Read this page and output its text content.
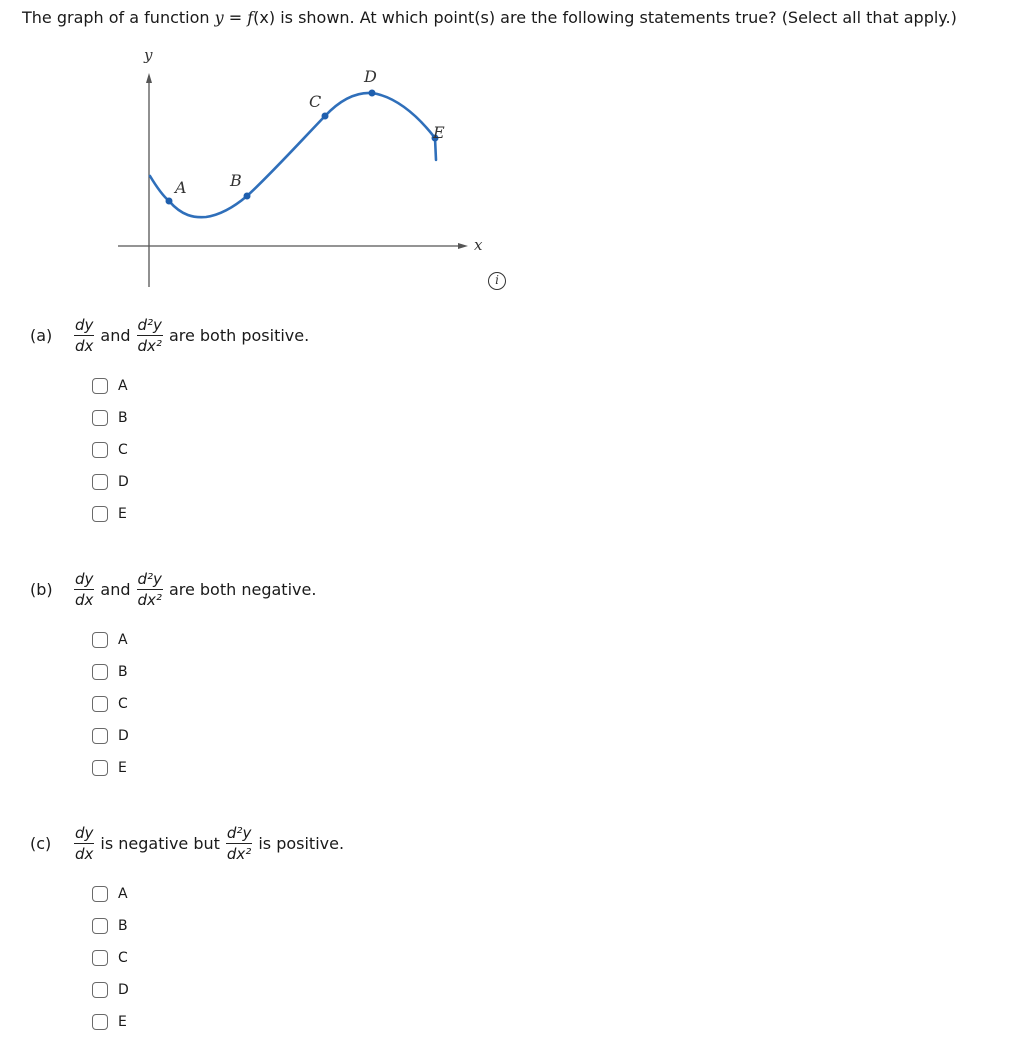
The graph of a function y = f(x) is shown. At which point(s) are the following statements true? (Select all that apply.)
y
x
A	B
C
D
E
i
(a)	$\frac{dy}{dx}$ and $\frac{\text{d²y}}{\text{dx²}}$ are both positive.
A
B
C
D
E
(b)	$\frac{dy}{dx}$ and $\frac{\text{d²y}}{\text{dx²}}$ are both negative.
A
B
C
D
E
(c)	$\frac{dy}{dx}$ is negative but $\frac{\text{d²y}}{\text{dx²}}$ is positive.
A
B
C
D
E
